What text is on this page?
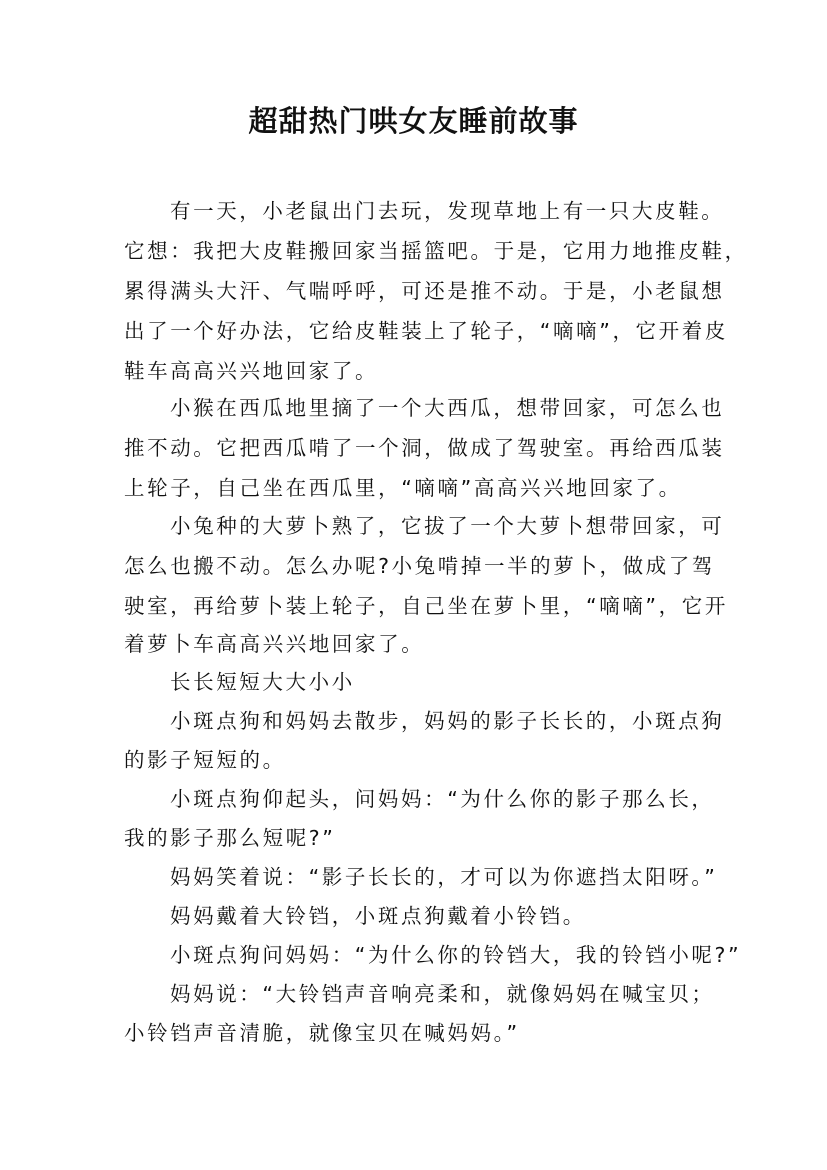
超甜热门哄女友睡前故事
有一天，小老鼠出门去玩，发现草地上有一只大皮鞋。
它想：我把大皮鞋搬回家当摇篮吧。于是，它用力地推皮鞋，
累得满头大汗、气喘呼呼，可还是推不动。于是，小老鼠想
出了一个好办法，它给皮鞋装上了轮子，“嘀嘀”，它开着皮
鞋车高高兴兴地回家了。
小猴在西瓜地里摘了一个大西瓜，想带回家，可怎么也
推不动。它把西瓜啃了一个洞，做成了驾驶室。再给西瓜装
上轮子，自己坐在西瓜里，“嘀嘀”高高兴兴地回家了。
小兔种的大萝卜熟了，它拔了一个大萝卜想带回家，可
怎么也搬不动。怎么办呢?小兔啃掉一半的萝卜，做成了驾
驶室，再给萝卜装上轮子，自己坐在萝卜里，“嘀嘀”，它开
着萝卜车高高兴兴地回家了。
长长短短大大小小
小斑点狗和妈妈去散步，妈妈的影子长长的，小斑点狗
的影子短短的。
小斑点狗仰起头，问妈妈：“为什么你的影子那么长，
我的影子那么短呢?”
妈妈笑着说：“影子长长的，才可以为你遮挡太阳呀。”
妈妈戴着大铃铛，小斑点狗戴着小铃铛。
小斑点狗问妈妈：“为什么你的铃铛大，我的铃铛小呢?”
妈妈说：“大铃铛声音响亮柔和，就像妈妈在喊宝贝；
小铃铛声音清脆，就像宝贝在喊妈妈。”
